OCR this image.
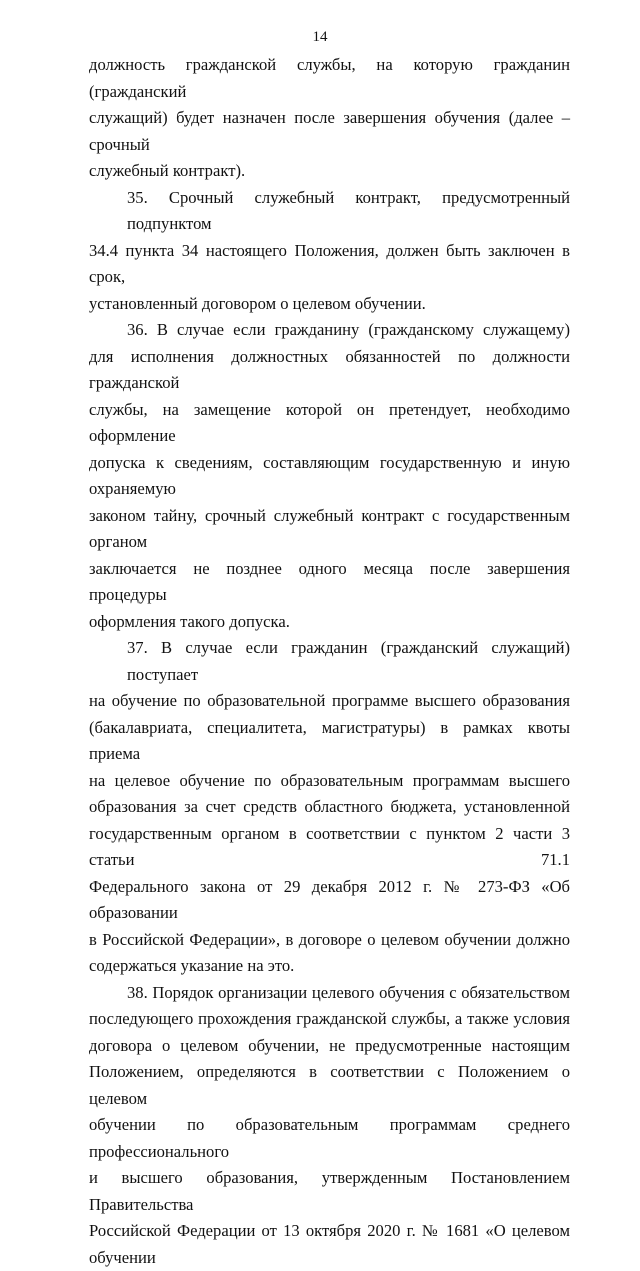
14

должность гражданской службы, на которую гражданин (гражданский

служащий) будет назначен после завершения обучения (далее – срочный

служебный контракт).

35. Срочный служебный контракт, предусмотренный подпунктом

34.4 пункта 34 настоящего Положения, должен быть заключен в срок,

установленный договором о целевом обучении.

36. В случае если гражданину (гражданскому служащему)

для исполнения должностных обязанностей по должности гражданской

службы, на замещение которой он претендует, необходимо оформление

допуска к сведениям, составляющим государственную и иную охраняемую

законом тайну, срочный служебный контракт с государственным органом

заключается не позднее одного месяца после завершения процедуры

оформления такого допуска.

37. В случае если гражданин (гражданский служащий) поступает

на обучение по образовательной программе высшего образования

(бакалавриата, специалитета, магистратуры) в рамках квоты приема

на целевое обучение по образовательным программам высшего

образования за счет средств областного бюджета, установленной

государственным органом в соответствии с пунктом 2 части 3 статьи 71.1

Федерального закона от 29 декабря 2012 г. № 273-ФЗ «Об образовании

в Российской Федерации», в договоре о целевом обучении должно

содержаться указание на это.

38. Порядок организации целевого обучения с обязательством

последующего прохождения гражданской службы, а также условия

договора о целевом обучении, не предусмотренные настоящим

Положением, определяются в соответствии с Положением о целевом

обучении по образовательным программам среднего профессионального

и высшего образования, утвержденным Постановлением Правительства

Российской Федерации от 13 октября 2020 г. № 1681 «О целевом обучении
